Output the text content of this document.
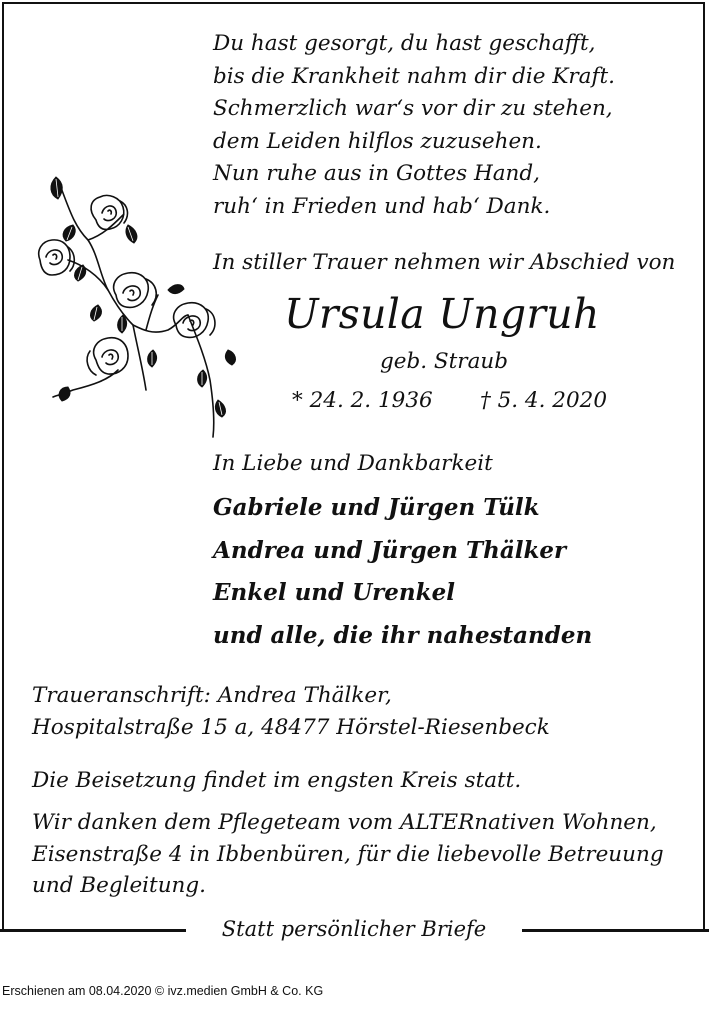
Du hast gesorgt, du hast geschafft,
bis die Krankheit nahm dir die Kraft.
Schmerzlich war‘s vor dir zu stehen,
dem Leiden hilflos zuzusehen.
Nun ruhe aus in Gottes Hand,
ruh‘ in Frieden und hab‘ Dank.
In stiller Trauer nehmen wir Abschied von
Ursula Ungruh
geb. Straub
* 24. 2. 1936 † 5. 4. 2020
In Liebe und Dankbarkeit
Gabriele und Jürgen Tülk
Andrea und Jürgen Thälker
Enkel und Urenkel
und alle, die ihr nahestanden
Traueranschrift: Andrea Thälker,
Hospitalstraße 15 a, 48477 Hörstel-Riesenbeck
Die Beisetzung findet im engsten Kreis statt.
Wir danken dem Pflegeteam vom ALTERnativen Wohnen,
Eisenstraße 4 in Ibbenbüren, für die liebevolle Betreuung
und Begleitung.
Statt persönlicher Briefe
Erschienen am 08.04.2020 © ivz.medien GmbH & Co. KG
